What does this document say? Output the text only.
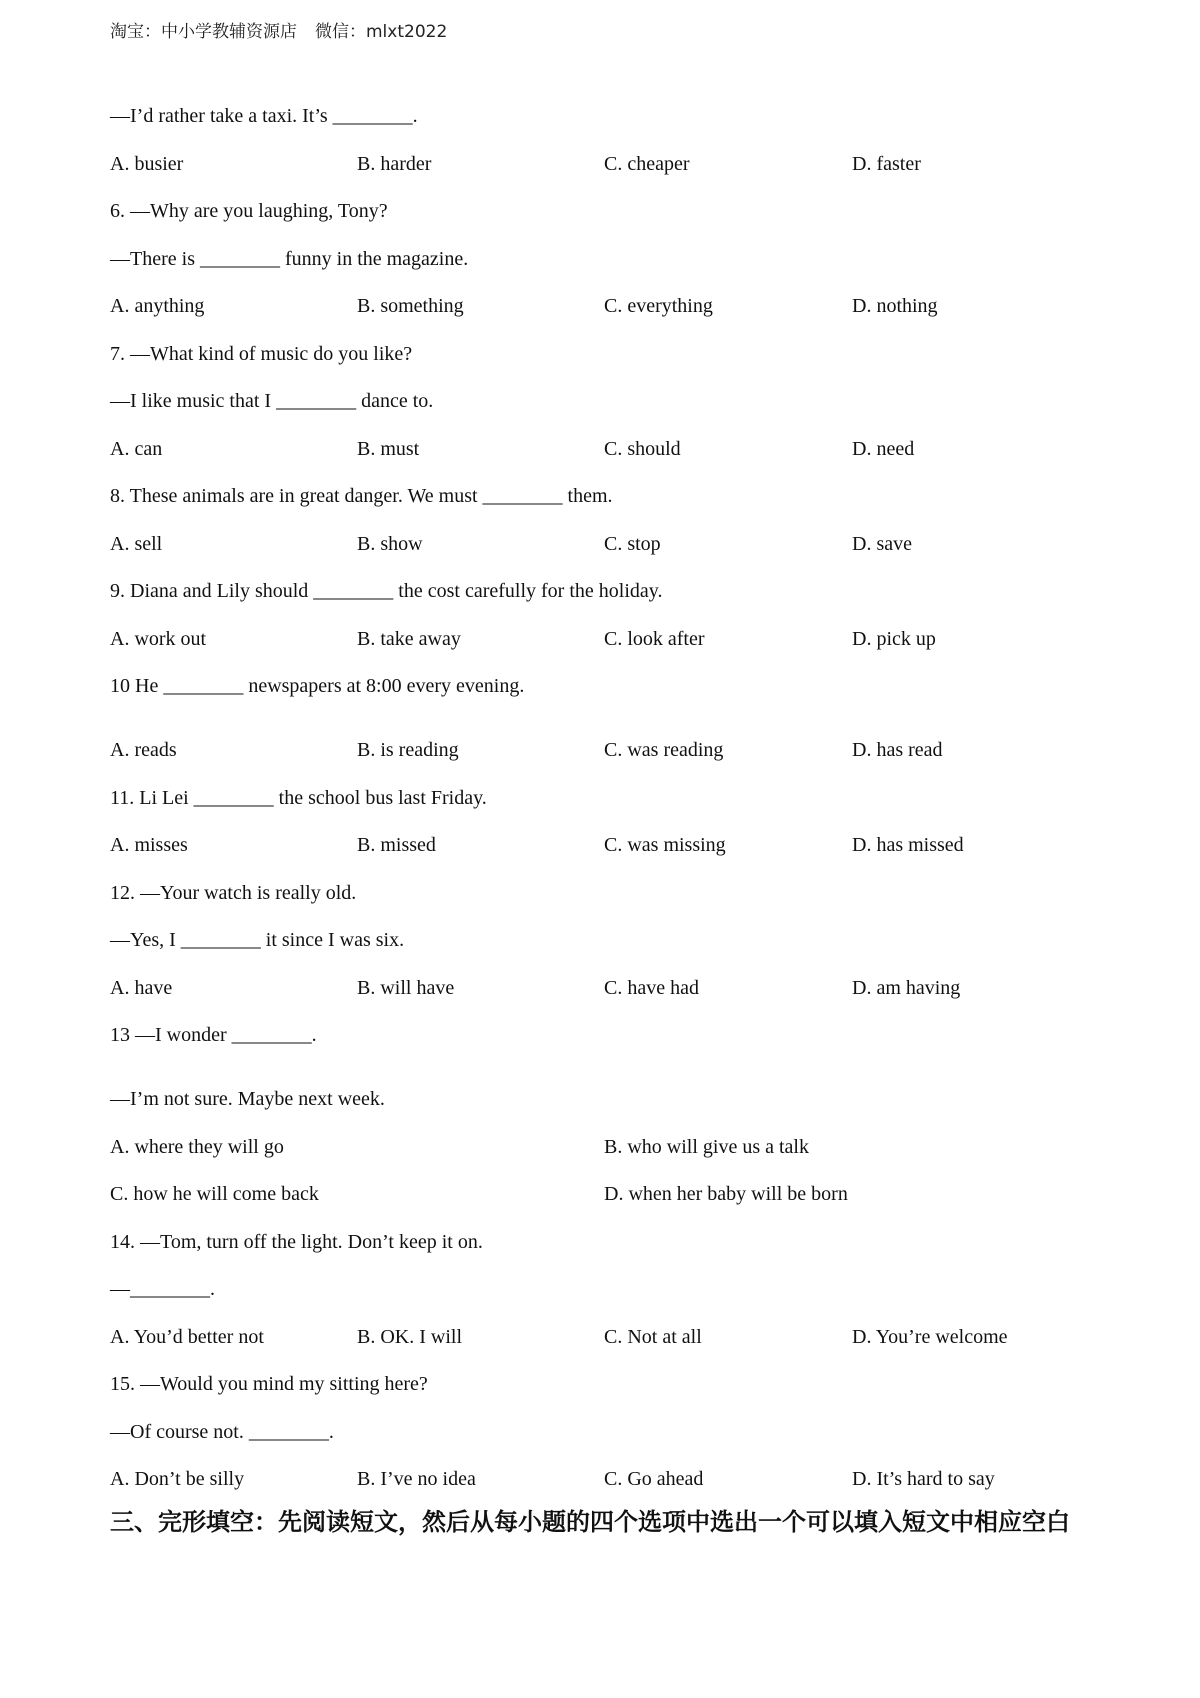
淘宝：中小学教辅资源店 微信：mlxt2022
—I’d rather take a taxi. It’s ________.
A. busier	B. harder	C. cheaper	D. faster
6. —Why are you laughing, Tony?
—There is ________ funny in the magazine.
A. anything	B. something	C. everything	D. nothing
7. —What kind of music do you like?
—I like music that I ________ dance to.
A. can	B. must	C. should	D. need
8. These animals are in great danger. We must ________ them.
A. sell	B. show	C. stop	D. save
9. Diana and Lily should ________ the cost carefully for the holiday.
A. work out	B. take away	C. look after	D. pick up
10 He ________ newspapers at 8:00 every evening.
A. reads	B. is reading	C. was reading	D. has read
11. Li Lei ________ the school bus last Friday.
A. misses	B. missed	C. was missing	D. has missed
12. —Your watch is really old.
—Yes, I ________ it since I was six.
A. have	B. will have	C. have had	D. am having
13 —I wonder ________.
—I’m not sure. Maybe next week.
A. where they will go	B. who will give us a talk
C. how he will come back	D. when her baby will be born
14. —Tom, turn off the light. Don’t keep it on.
—________.
A. You’d better not	B. OK. I will	C. Not at all	D. You’re welcome
15. —Would you mind my sitting here?
—Of course not. ________.
A. Don’t be silly	B. I’ve no idea	C. Go ahead	D. It’s hard to say
三、完形填空：先阅读短文，然后从每小题的四个选项中选出一个可以填入短文中相应空白
